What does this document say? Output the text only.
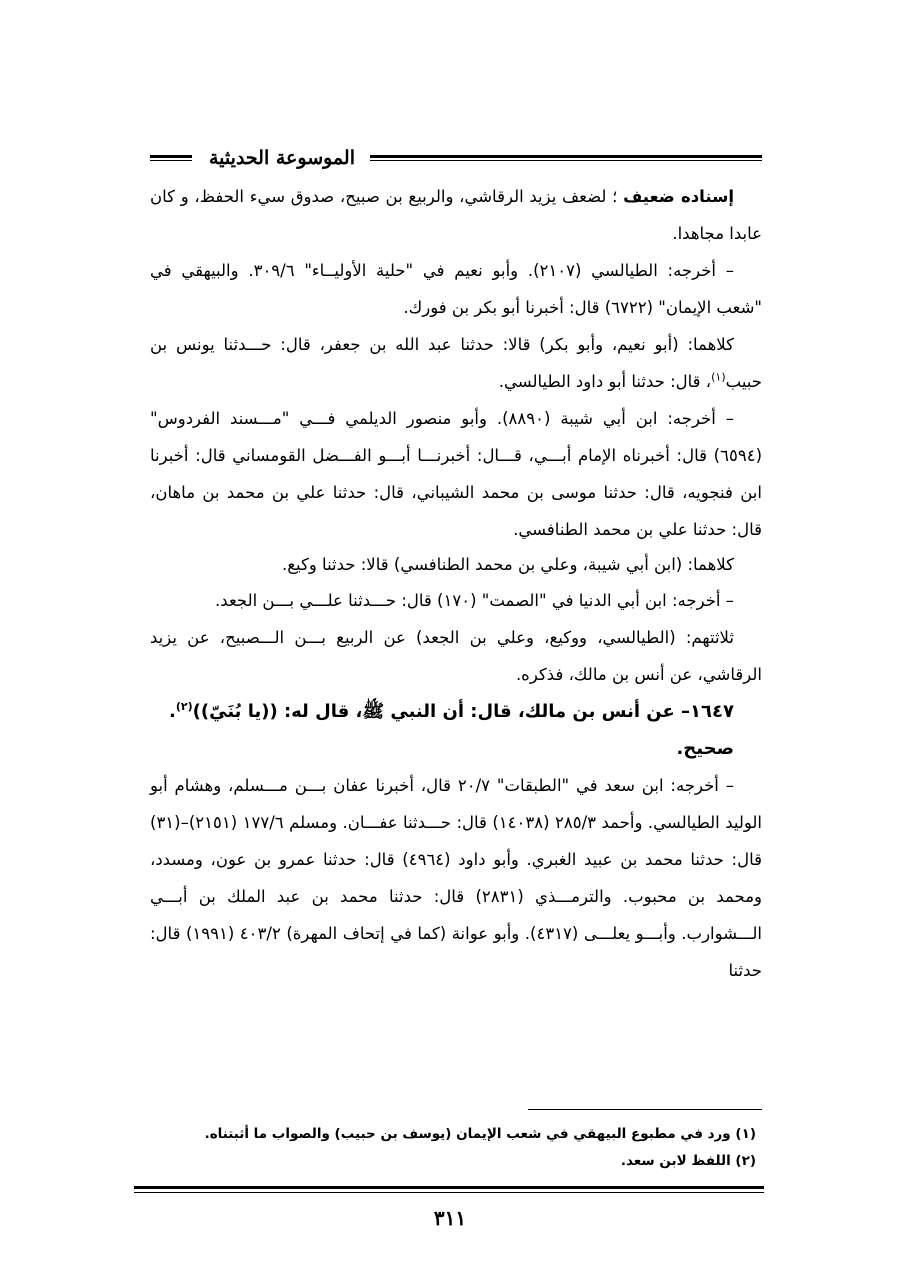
الموسوعة الحديثية

إسناده ضعيف ؛ لضعف يزيد الرقاشي، والربيع بن صبيح، صدوق سيء الحفظ، و كان عابدا مجاهدا.

– أخرجه: الطيالسي (٢١٠٧). وأبو نعيم في "حلية الأوليــاء" ٣٠٩/٦. والبيهقي في "شعب الإيمان" (٦٧٢٢) قال: أخبرنا أبو بكر بن فورك.

كلاهما: (أبو نعيم، وأبو بكر) قالا: حدثنا عبد الله بن جعفر، قال: حـــدثنا يونس بن حبيب$^{(١)}$، قال: حدثنا أبو داود الطيالسي.

– أخرجه: ابن أبي شيبة (٨٨٩٠). وأبو منصور الديلمي فـــي "مـــسند الفردوس" (٦٥٩٤) قال: أخبرناه الإمام أبـــي، قـــال: أخبرنـــا أبـــو الفـــضل القومساني قال: أخبرنا ابن فنجويه، قال: حدثنا موسى بن محمد الشيباني، قال: حدثنا علي بن محمد بن ماهان، قال: حدثنا علي بن محمد الطنافسي.

كلاهما: (ابن أبي شيبة، وعلي بن محمد الطنافسي) قالا: حدثنا وكيع.

– أخرجه: ابن أبي الدنيا في "الصمت" (١٧٠) قال: حـــدثنا علـــي بـــن الجعد.

ثلاثتهم: (الطيالسي، ووكيع، وعلي بن الجعد) عن الربيع بـــن الـــصبيح، عن يزيد الرقاشي، عن أنس بن مالك، فذكره.

١٦٤٧– عن أنس بن مالك، قال: أن النبي ﷺ، قال له: ((يا بُنَيّ))$^{(٢)}$.

صحيح.

– أخرجه: ابن سعد في "الطبقات" ٢٠/٧ قال، أخبرنا عفان بـــن مـــسلم، وهشام أبو الوليد الطيالسي. وأحمد ٢٨٥/٣ (١٤٠٣٨) قال: حـــدثنا عفـــان. ومسلم ١٧٧/٦ (٢١٥١)–(٣١) قال: حدثنا محمد بن عبيد الغبري. وأبو داود (٤٩٦٤) قال: حدثنا عمرو بن عون، ومسدد، ومحمد بن محبوب. والترمـــذي (٢٨٣١) قال: حدثنا محمد بن عبد الملك بن أبـــي الـــشوارب. وأبـــو يعلـــى (٤٣١٧). وأبو عوانة (كما في إتحاف المهرة) ٤٠٣/٢ (١٩٩١) قال: حدثنا

(١) ورد في مطبوع البيهقي في شعب الإيمان (يوسف بن حبيب) والصواب ما أثبتناه.

(٢) اللفظ لابن سعد.

٣١١
